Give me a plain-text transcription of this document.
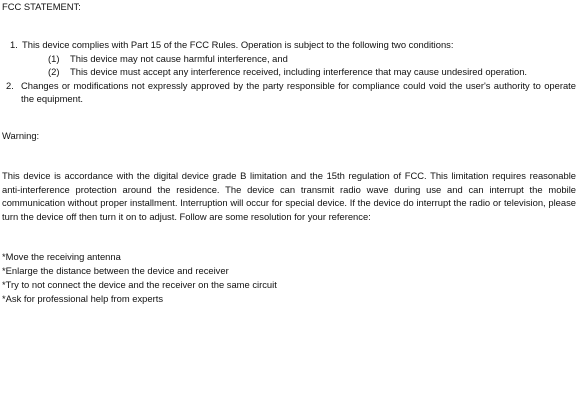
FCC STATEMENT:

1. This device complies with Part 15 of the FCC Rules. Operation is subject to the following two conditions:
(1) This device may not cause harmful interference, and
(2) This device must accept any interference received, including interference that may cause undesired operation.
2. Changes or modifications not expressly approved by the party responsible for compliance could void the user's authority to operate the equipment.

Warning:

This device is accordance with the digital device grade B limitation and the 15th regulation of FCC. This limitation requires reasonable anti-interference protection around the residence. The device can transmit radio wave during use and can interrupt the mobile communication without proper installment. Interruption will occur for special device. If the device do interrupt the radio or television, please turn the device off then turn it on to adjust. Follow are some resolution for your reference:

*Move the receiving antenna
*Enlarge the distance between the device and receiver
*Try to not connect the device and the receiver on the same circuit
*Ask for professional help from experts
